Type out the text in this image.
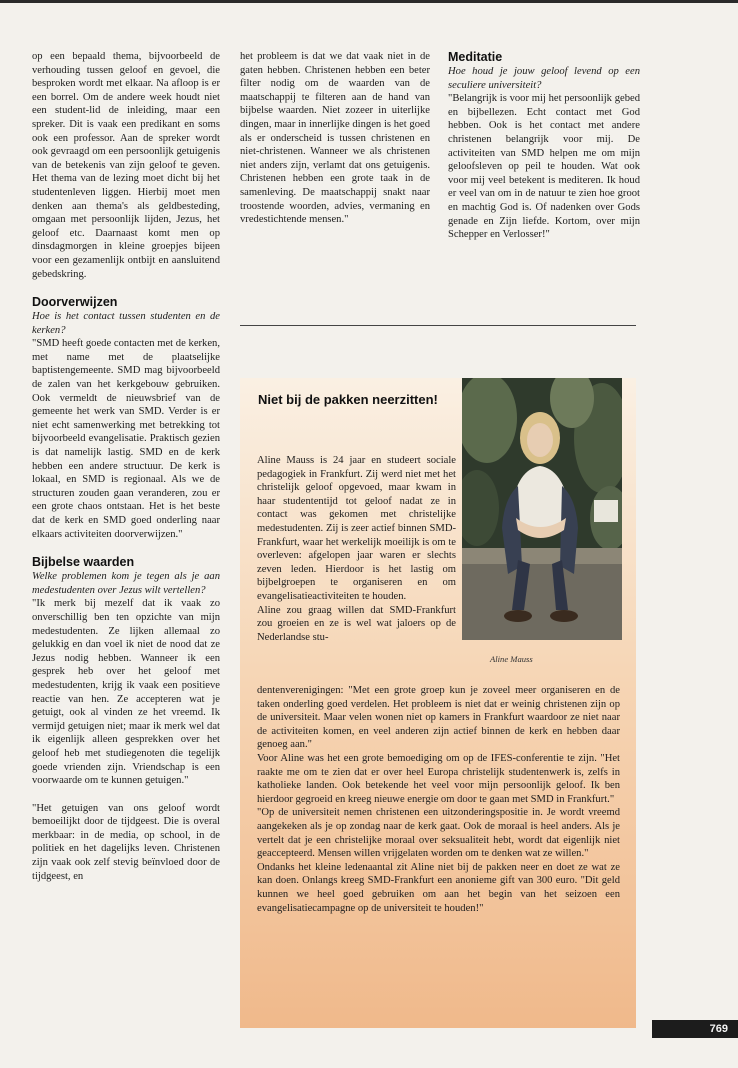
op een bepaald thema, bijvoorbeeld de verhouding tussen geloof en gevoel, die besproken wordt met elkaar. Na afloop is er een borrel. Om de andere week houdt niet een student-lid de inleiding, maar een spreker. Dit is vaak een predikant en soms ook een professor. Aan de spreker wordt ook gevraagd om een persoonlijk getuigenis van de betekenis van zijn geloof te geven. Het thema van de lezing moet dicht bij het studentenleven liggen. Hierbij moet men denken aan thema's als geldbesteding, omgaan met persoonlijk lijden, Jezus, het geloof etc. Daarnaast komt men op dinsdagmorgen in kleine groepjes bijeen voor een gezamenlijk ontbijt en aansluitend gebedskring.

Doorverwijzen

Hoe is het contact tussen studenten en de kerken?

"SMD heeft goede contacten met de kerken, met name met de plaatselijke baptistengemeente. SMD mag bijvoorbeeld de zalen van het kerkgebouw gebruiken. Ook vermeldt de nieuwsbrief van de gemeente het werk van SMD. Verder is er niet echt samenwerking met betrekking tot bijvoorbeeld evangelisatie. Praktisch gezien is dat namelijk lastig. SMD en de kerk hebben een andere structuur. De kerk is lokaal, en SMD is regionaal. Als we de structuren zouden gaan veranderen, zou er een grote chaos ontstaan. Het is het beste dat de kerk en SMD goed onderling naar elkaars activiteiten doorverwijzen."

Bijbelse waarden

Welke problemen kom je tegen als je aan medestudenten over Jezus wilt vertellen?

"Ik merk bij mezelf dat ik vaak zo onverschillig ben ten opzichte van mijn medestudenten. Ze lijken allemaal zo gelukkig en dan voel ik niet de nood dat ze Jezus nodig hebben. Wanneer ik een gesprek heb over het geloof met medestudenten, krijg ik vaak een positieve reactie van hen. Ze accepteren wat je getuigt, ook al vinden ze het vreemd. Ik vermijd getuigen niet; maar ik merk wel dat ik eigenlijk alleen gesprekken over het geloof heb met studiegenoten die tegelijk goede vrienden zijn. Vriendschap is een voorwaarde om te kunnen getuigen."

"Het getuigen van ons geloof wordt bemoeilijkt door de tijdgeest. Die is overal merkbaar: in de media, op school, in de politiek en het dagelijks leven. Christenen zijn vaak ook zelf stevig beïnvloed door de tijdgeest, en

het probleem is dat we dat vaak niet in de gaten hebben. Christenen hebben een beter filter nodig om de waarden van de maatschappij te filteren aan de hand van bijbelse waarden. Niet zozeer in uiterlijke dingen, maar in innerlijke dingen is het goed als er onderscheid is tussen christenen en niet-christenen. Wanneer we als christenen niet anders zijn, verlamt dat ons getuigenis. Christenen hebben een grote taak in de samenleving. De maatschappij snakt naar troostende woorden, advies, vermaning en vredestichtende mensen."

Meditatie

Hoe houd je jouw geloof levend op een seculiere universiteit?

"Belangrijk is voor mij het persoonlijk gebed en bijbellezen. Echt contact met God hebben. Ook is het contact met andere christenen belangrijk voor mij. De activiteiten van SMD helpen me om mijn geloofsleven op peil te houden. Wat ook voor mij veel betekent is mediteren. Ik houd er veel van om in de natuur te zien hoe groot en machtig God is. Of nadenken over Gods genade en Zijn liefde. Kortom, over mijn Schepper en Verlosser!"

Niet bij de pakken neerzitten!

Aline Mauss is 24 jaar en studeert sociale pedagogiek in Frankfurt. Zij werd niet met het christelijk geloof opgevoed, maar kwam in haar studententijd tot geloof nadat ze in contact was gekomen met christelijke medestudenten. Zij is zeer actief binnen SMD-Frankfurt, waar het werkelijk moeilijk is om te overleven: afgelopen jaar waren er slechts zeven leden. Hierdoor is het lastig om bijbelgroepen te organiseren en om evangelisatieactiviteiten te houden.

Aline zou graag willen dat SMD-Frankfurt zou groeien en ze is wel wat jaloers op de Nederlandse stu-

Aline Mauss

dentenverenigingen: "Met een grote groep kun je zoveel meer organiseren en de taken onderling goed verdelen. Het probleem is niet dat er weinig christenen zijn op de universiteit. Maar velen wonen niet op kamers in Frankfurt waardoor ze niet naar de activiteiten komen, en veel anderen zijn actief binnen de kerk en hebben daar genoeg aan."

Voor Aline was het een grote bemoediging om op de IFES-conferentie te zijn. "Het raakte me om te zien dat er over heel Europa christelijk studentenwerk is, zelfs in katholieke landen. Ook betekende het veel voor mijn persoonlijk geloof. Ik ben hierdoor gegroeid en kreeg nieuwe energie om door te gaan met SMD in Frankfurt."

"Op de universiteit nemen christenen een uitzonderingspositie in. Je wordt vreemd aangekeken als je op zondag naar de kerk gaat. Ook de moraal is heel anders. Als je vertelt dat je een christelijke moraal over seksualiteit hebt, wordt dat eigenlijk niet geaccepteerd. Mensen willen vrijgelaten worden om te denken wat ze willen."

Ondanks het kleine ledenaantal zit Aline niet bij de pakken neer en doet ze wat ze kan doen. Onlangs kreeg SMD-Frankfurt een anonieme gift van 300 euro. "Dit geld kunnen we heel goed gebruiken om aan het begin van het seizoen een evangelisatiecampagne op de universiteit te houden!"

769
